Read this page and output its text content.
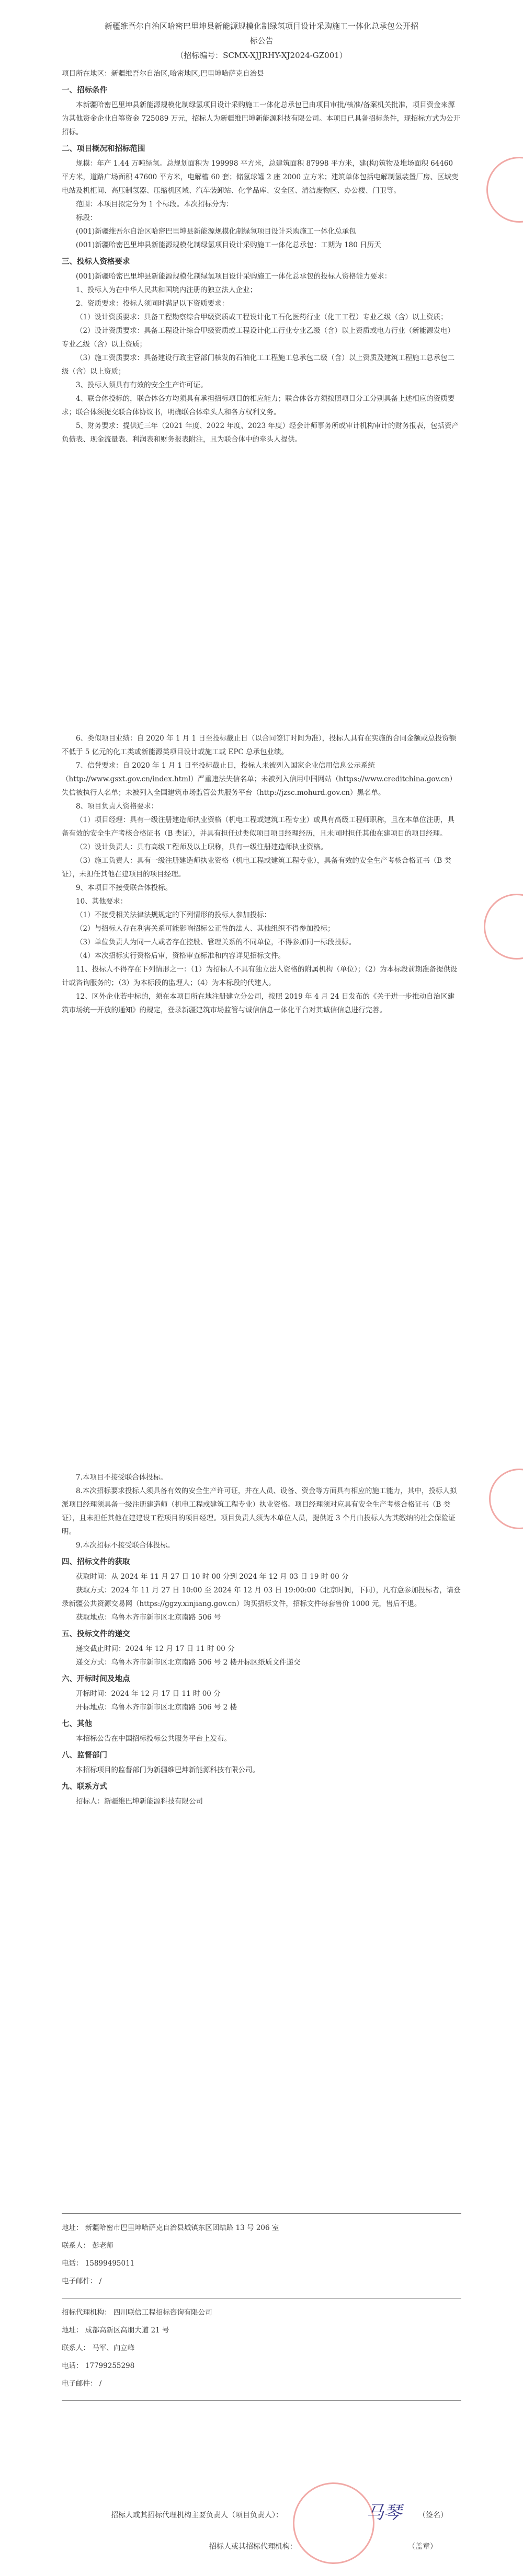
新疆维吾尔自治区哈密巴里坤县新能源规模化制绿氢项目设计采购施工一体化总承包公开招
标公告
（招标编号：SCMX-XJJRHY-XJ2024-GZ001）

项目所在地区：新疆维吾尔自治区,哈密地区,巴里坤哈萨克自治县

一、招标条件

本新疆哈密巴里坤县新能源规模化制绿氢项目设计采购施工一体化总承包已由项目审批/核准/备案机关批准，项目资金来源为其他资金企业自筹资金 725089 万元，招标人为新疆维巴坤新能源科技有限公司。本项目已具备招标条件，现招标方式为公开招标。

二、项目概况和招标范围

规模：年产 1.44 万吨绿氢。总规划面积为 199998 平方米，总建筑面积 87998 平方米，建(构)筑物及堆场面积 64460 平方米，道路广场面积 47600 平方米，电解槽 60 套；储氢球罐 2 座 2000 立方米；建筑单体包括电解制氢装置厂房、区域变电站及机柜间、高压制氢器、压缩机区域、汽车装卸站、化学品库、安全区、清洁废物区、办公楼、门卫等。

范围：本项目拟定分为 1 个标段。本次招标分为：

标段：

(001)新疆维吾尔自治区哈密巴里坤县新能源规模化制绿氢项目设计采购施工一体化总承包

(001)新疆哈密巴里坤县新能源规模化制绿氢项目设计采购施工一体化总承包：工期为 180 日历天

三、投标人资格要求

(001)新疆哈密巴里坤县新能源规模化制绿氢项目设计采购施工一体化总承包的投标人资格能力要求：

1、投标人为在中华人民共和国境内注册的独立法人企业；

2、资质要求：投标人须同时满足以下资质要求：

（1）设计资质要求：具备工程勘察综合甲级资质或工程设计化工石化医药行业（化工工程）专业乙级（含）以上资质；

（2）设计资质要求：具备工程设计综合甲级资质或工程设计化工行业专业乙级（含）以上资质或电力行业（新能源发电）专业乙级（含）以上资质；

（3）施工资质要求：具备建设行政主管部门核发的石油化工工程施工总承包二级（含）以上资质及建筑工程施工总承包二级（含）以上资质；

3、投标人须具有有效的安全生产许可证。

4、联合体投标的，联合体各方均须具有承担招标项目的相应能力；联合体各方须按照项目分工分别具备上述相应的资质要求；联合体须提交联合体协议书，明确联合体牵头人和各方权利义务。

5、财务要求：提供近三年（2021 年度、2022 年度、2023 年度）经会计师事务所或审计机构审计的财务报表，包括资产负债表、现金流量表、利润表和财务报表附注，且为联合体中的牵头人提供。

6、类似项目业绩：自 2020 年 1 月 1 日至投标截止日（以合同签订时间为准），投标人具有在实施的合同金额或总投资额不低于 5 亿元的化工类或新能源类项目设计或施工或 EPC 总承包业绩。

7、信誉要求：自 2020 年 1 月 1 日至投标截止日，投标人未被列入国家企业信用信息公示系统（http://www.gsxt.gov.cn/index.html）严重违法失信名单；未被列入信用中国网站（https://www.creditchina.gov.cn）失信被执行人名单；未被列入全国建筑市场监管公共服务平台（http://jzsc.mohurd.gov.cn）黑名单。

8、项目负责人资格要求：

（1）项目经理：具有一级注册建造师执业资格（机电工程或建筑工程专业）或具有高级工程师职称，且在本单位注册，具备有效的安全生产考核合格证书（B 类证），并具有担任过类似项目项目经理经历，且未同时担任其他在建项目的项目经理。

（2）设计负责人：具有高级工程师及以上职称，具有一级注册建造师执业资格。

（3）施工负责人：具有一级注册建造师执业资格（机电工程或建筑工程专业），具备有效的安全生产考核合格证书（B 类证），未担任其他在建项目的项目经理。

9、本项目不接受联合体投标。

10、其他要求：

（1）不接受相关法律法规规定的下列情形的投标人参加投标：

（2）与招标人存在利害关系可能影响招标公正性的法人、其他组织不得参加投标；

（3）单位负责人为同一人或者存在控股、管理关系的不同单位，不得参加同一标段投标。

（4）本次招标实行资格后审，资格审查标准和内容详见招标文件。

11、投标人不得存在下列情形之一：（1）为招标人不具有独立法人资格的附属机构（单位）；（2）为本标段前期准备提供设计或咨询服务的；（3）为本标段的监理人；（4）为本标段的代建人。

12、区外企业若中标的，须在本项目所在地注册建立分公司，按照 2019 年 4 月 24 日发布的《关于进一步推动自治区建筑市场统一开放的通知》的规定，登录新疆建筑市场监管与诚信信息一体化平台对其诚信信息进行完善。

7.本项目不接受联合体投标。

8.本次招标要求投标人须具备有效的安全生产许可证，并在人员、设备、资金等方面具有相应的施工能力，其中，投标人拟派项目经理须具备一级注册建造师（机电工程或建筑工程专业）执业资格。项目经理须对应具有安全生产考核合格证书（B 类证），且未担任其他在建建设工程项目的项目经理。项目负责人须为本单位人员，提供近 3 个月由投标人为其缴纳的社会保险证明。

9.本次招标不接受联合体投标。

四、招标文件的获取

获取时间：从 2024 年 11 月 27 日 10 时 00 分到 2024 年 12 月 03 日 19 时 00 分

获取方式：2024 年 11 月 27 日 10:00 至 2024 年 12 月 03 日 19:00:00（北京时间，下同），凡有意参加投标者，请登录新疆公共资源交易网（https://ggzy.xinjiang.gov.cn）购买招标文件，招标文件每套售价 1000 元，售后不退。

获取地点：乌鲁木齐市新市区北京南路 506 号

五、投标文件的递交

递交截止时间：2024 年 12 月 17 日 11 时 00 分

递交方式：乌鲁木齐市新市区北京南路 506 号 2 楼开标区纸质文件递交

六、开标时间及地点

开标时间：2024 年 12 月 17 日 11 时 00 分

开标地点：乌鲁木齐市新市区北京南路 506 号 2 楼

七、其他

本招标公告在中国招标投标公共服务平台上发布。

八、监督部门

本招标项目的监督部门为新疆维巴坤新能源科技有限公司。

九、联系方式

招标人：新疆维巴坤新能源科技有限公司

地址： 新疆哈密市巴里坤哈萨克自治县城镇东区团结路 13 号 206 室

联系人： 彭老师

电话： 15899495011

电子邮件： /

招标代理机构： 四川联信工程招标咨询有限公司

地址： 成都高新区高朋大道 21 号

联系人： 马军、向立峰

电话： 17799255298

电子邮件： /

招标人或其招标代理机构主要负责人（项目负责人）：	马琴 （签名）
招标人或其招标代理机构：	（盖章）
